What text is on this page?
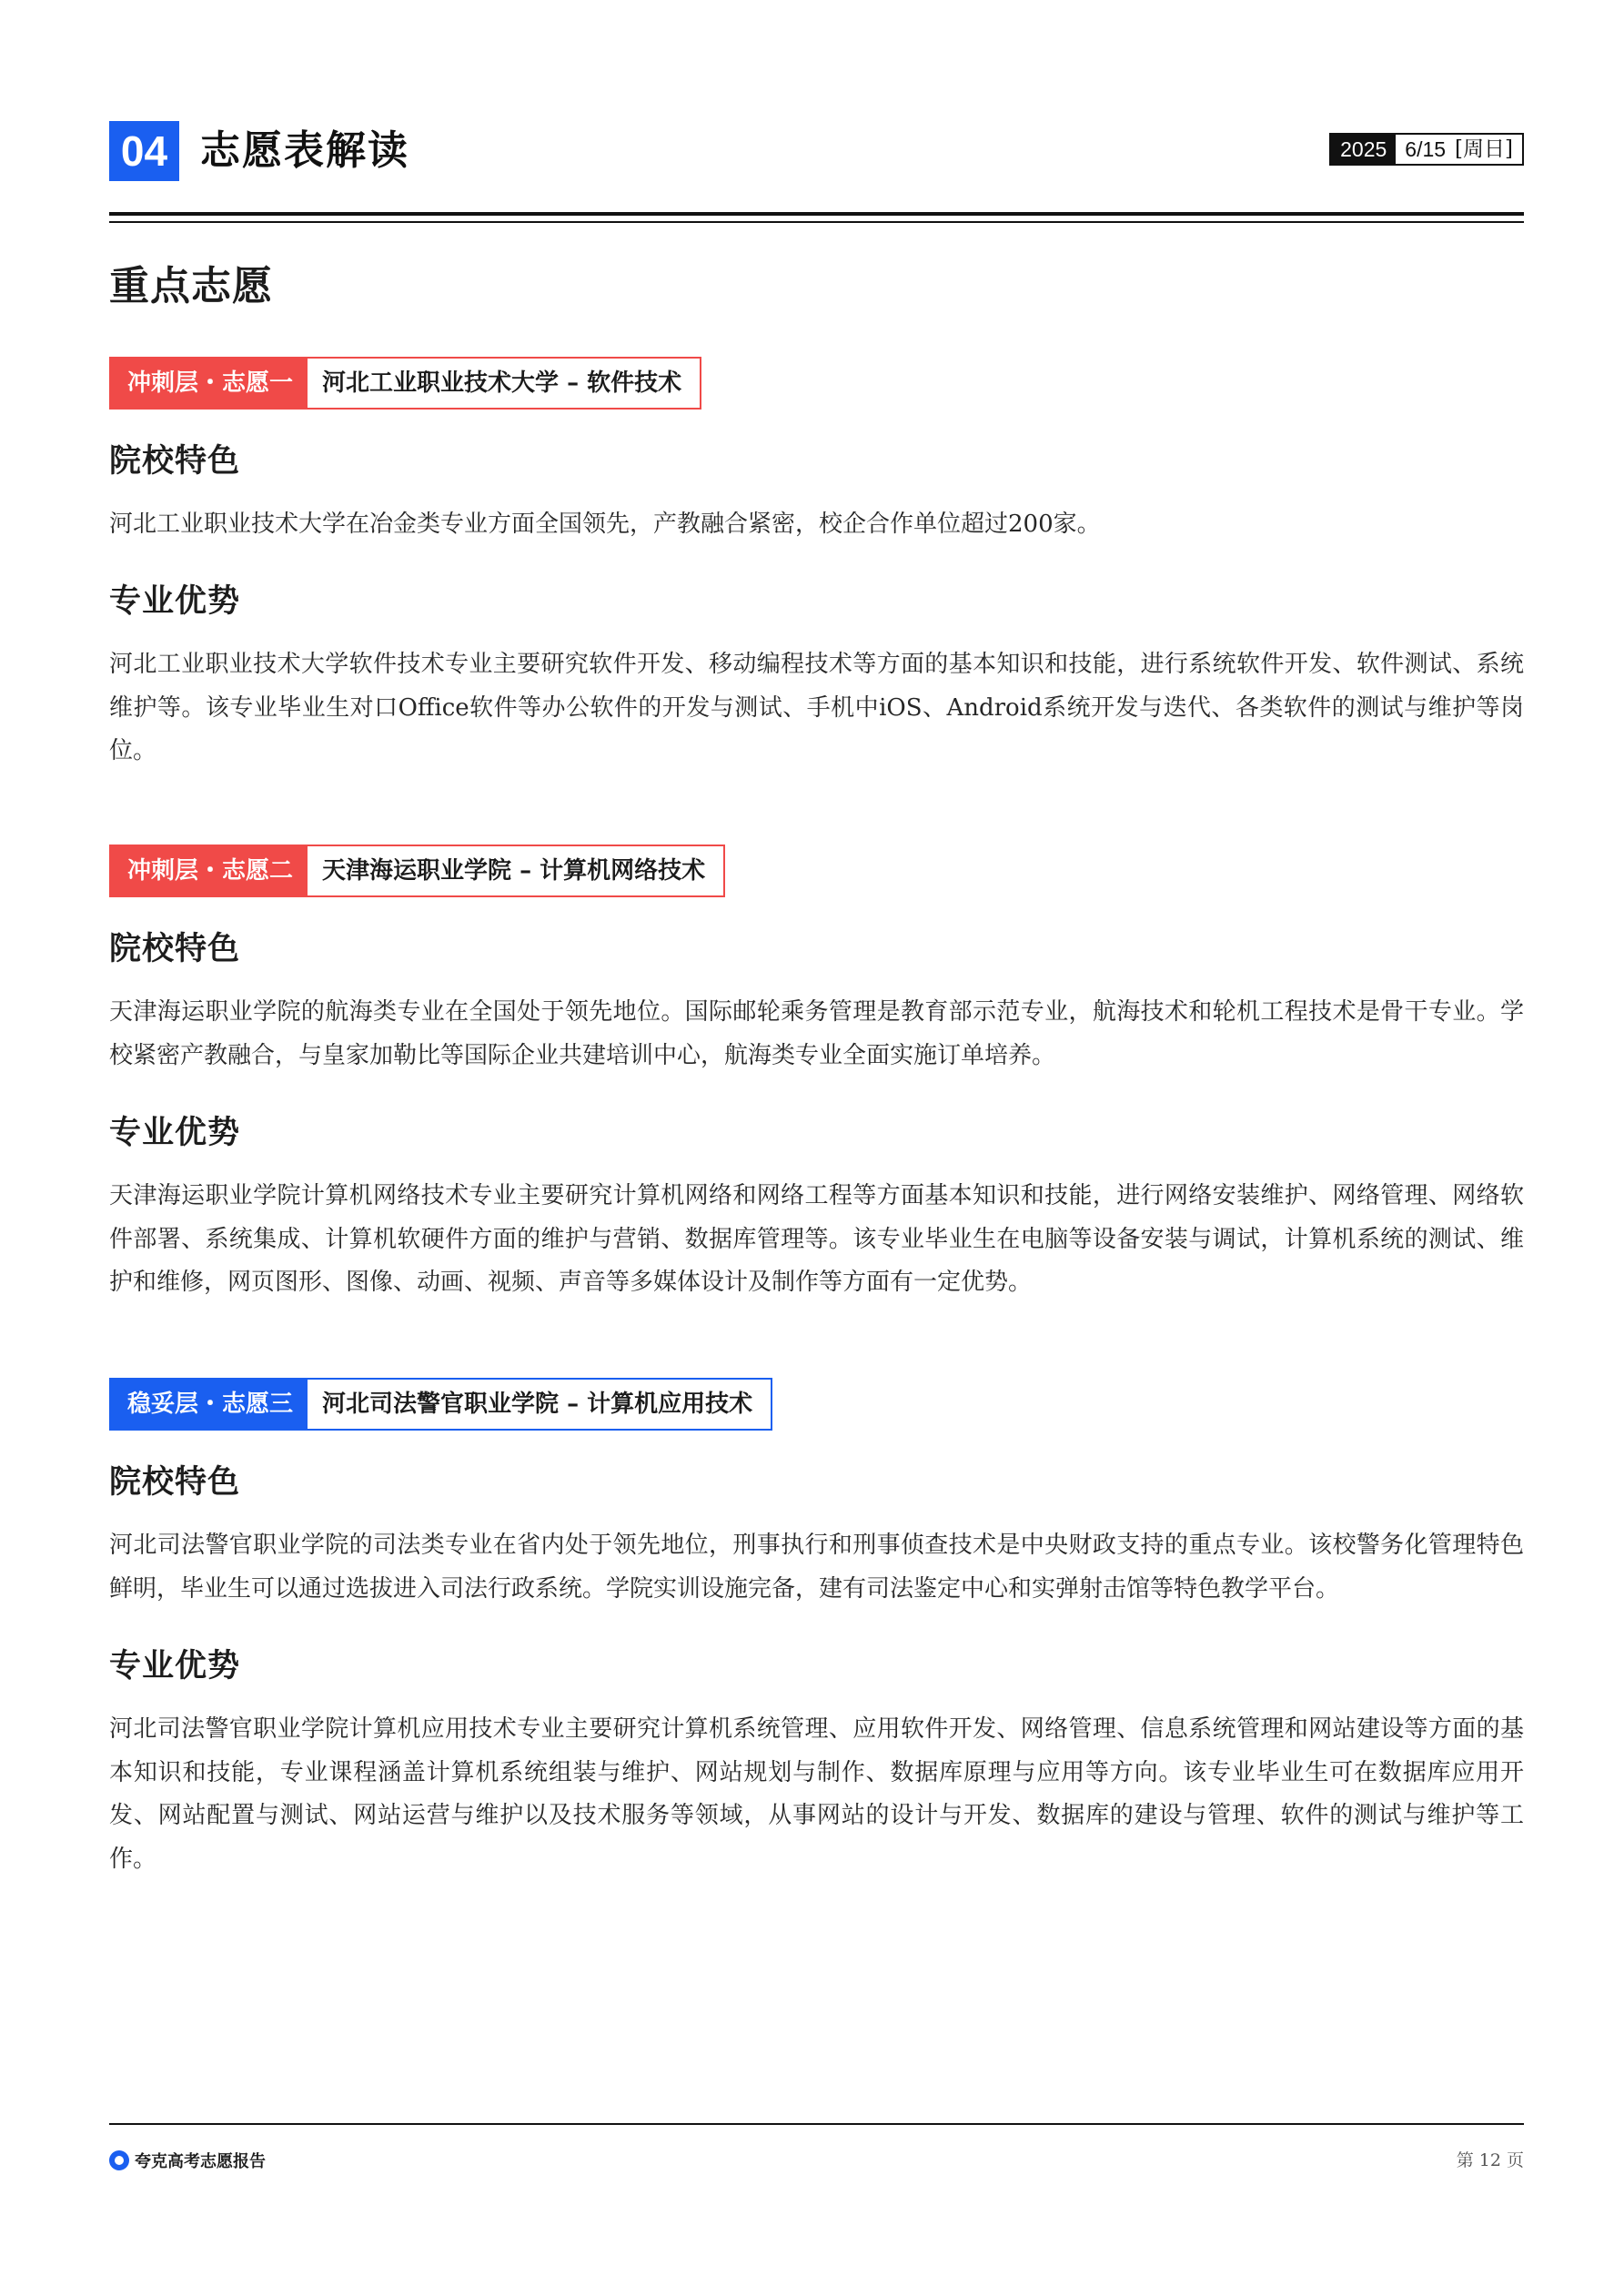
04 志愿表解读	2025 6/15 [周日]
重点志愿
冲刺层・志愿一	河北工业职业技术大学 – 软件技术

院校特色

河北工业职业技术大学在冶金类专业方面全国领先，产教融合紧密，校企合作单位超过200家。

专业优势

河北工业职业技术大学软件技术专业主要研究软件开发、移动编程技术等方面的基本知识和技能，进行系统软件开发、软件测试、系统维护等。该专业毕业生对口Office软件等办公软件的开发与测试、手机中iOS、Android系统开发与迭代、各类软件的测试与维护等岗位。

冲刺层・志愿二	天津海运职业学院 – 计算机网络技术

院校特色

天津海运职业学院的航海类专业在全国处于领先地位。国际邮轮乘务管理是教育部示范专业，航海技术和轮机工程技术是骨干专业。学校紧密产教融合，与皇家加勒比等国际企业共建培训中心，航海类专业全面实施订单培养。

专业优势

天津海运职业学院计算机网络技术专业主要研究计算机网络和网络工程等方面基本知识和技能，进行网络安装维护、网络管理、网络软件部署、系统集成、计算机软硬件方面的维护与营销、数据库管理等。该专业毕业生在电脑等设备安装与调试，计算机系统的测试、维护和维修，网页图形、图像、动画、视频、声音等多媒体设计及制作等方面有一定优势。

稳妥层・志愿三	河北司法警官职业学院 – 计算机应用技术

院校特色

河北司法警官职业学院的司法类专业在省内处于领先地位，刑事执行和刑事侦查技术是中央财政支持的重点专业。该校警务化管理特色鲜明，毕业生可以通过选拔进入司法行政系统。学院实训设施完备，建有司法鉴定中心和实弹射击馆等特色教学平台。

专业优势

河北司法警官职业学院计算机应用技术专业主要研究计算机系统管理、应用软件开发、网络管理、信息系统管理和网站建设等方面的基本知识和技能，专业课程涵盖计算机系统组装与维护、网站规划与制作、数据库原理与应用等方向。该专业毕业生可在数据库应用开发、网站配置与测试、网站运营与维护以及技术服务等领域，从事网站的设计与开发、数据库的建设与管理、软件的测试与维护等工作。

夸克高考志愿报告	第 12 页
